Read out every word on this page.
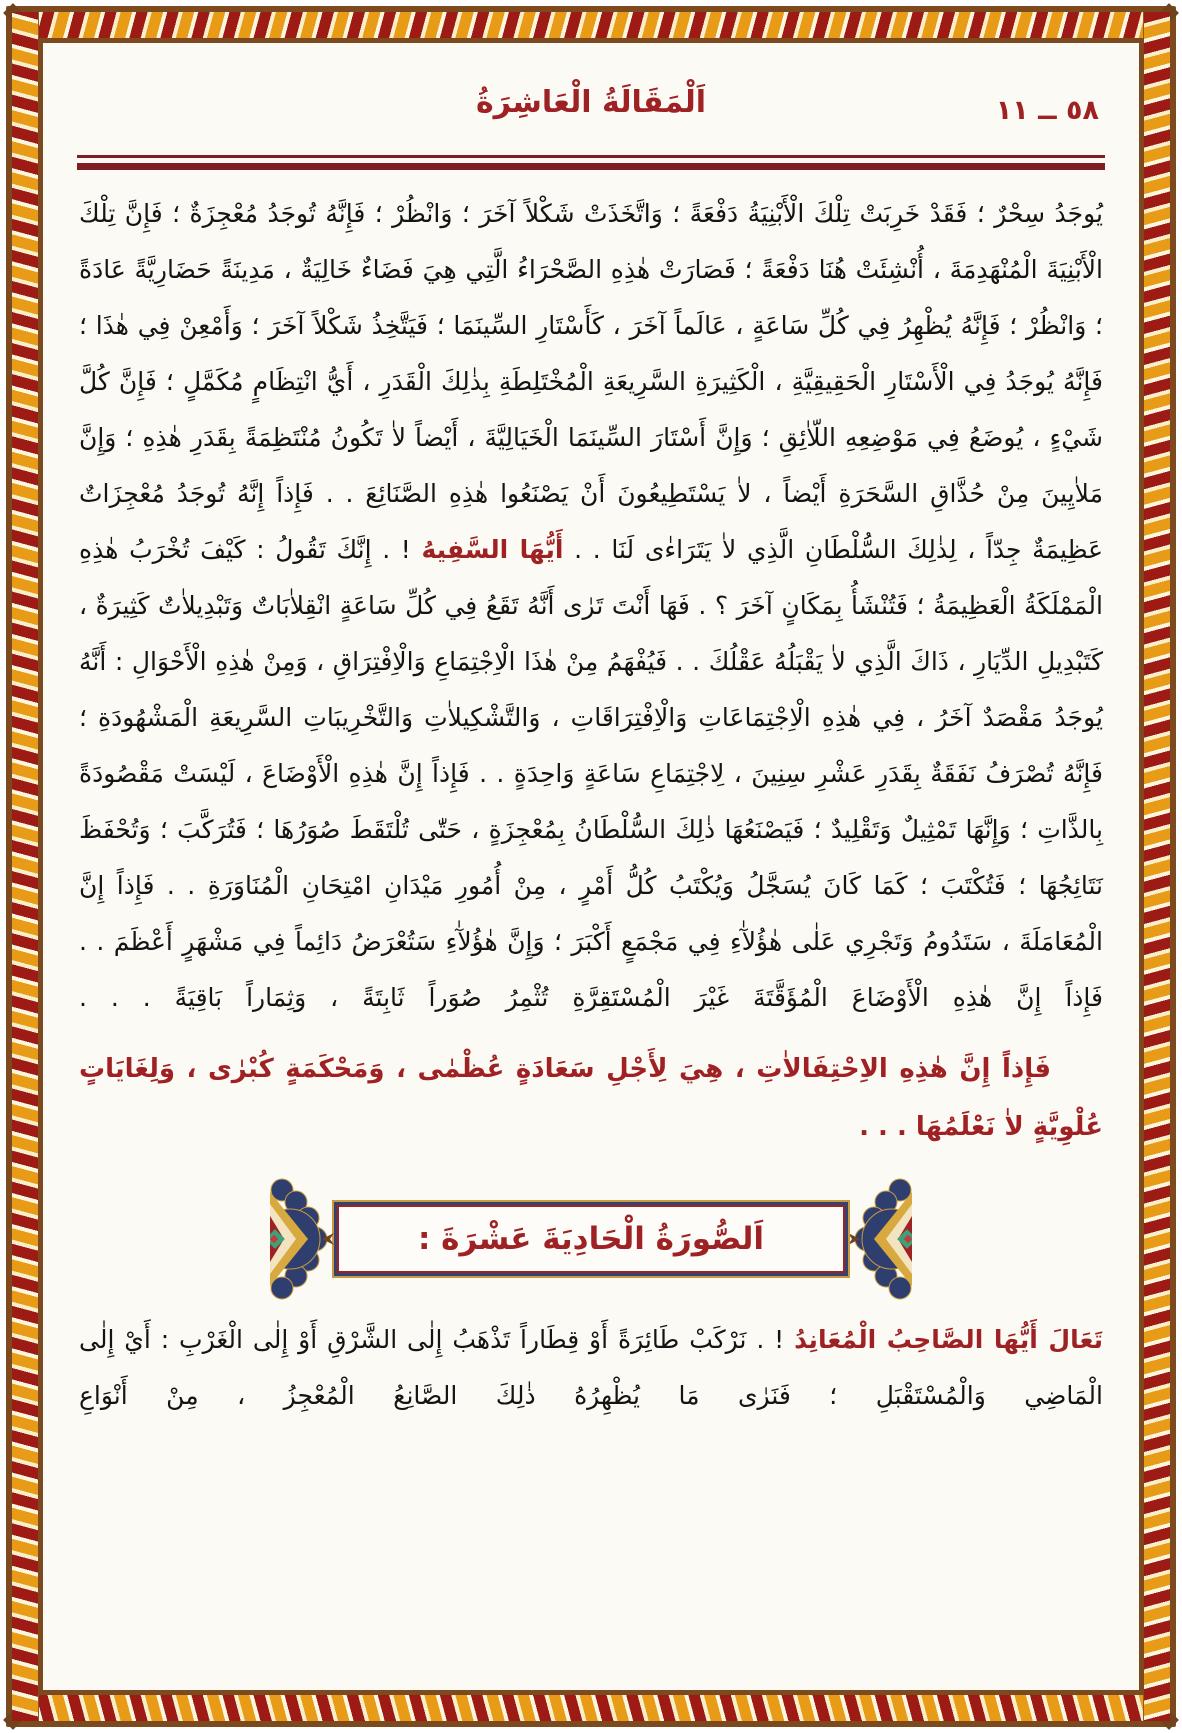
٥٨ ــ ١١
اَلْمَقَالَةُ الْعَاشِرَةُ

يُوجَدُ سِحْرٌ ؛ فَقَدْ خَرِبَتْ تِلْكَ الْأَبْنِيَةُ دَفْعَةً ؛ وَاتَّخَذَتْ شَكْلاً آخَرَ ؛ وَانْظُرْ ؛ فَإِنَّهُ تُوجَدُ مُعْجِزَةٌ ؛ فَإِنَّ تِلْكَ الْأَبْنِيَةَ الْمُنْهَدِمَةَ ، أُنْشِئَتْ هُنَا دَفْعَةً ؛ فَصَارَتْ هٰذِهِ الصَّحْرَاءُ الَّتِي هِيَ فَضَاءٌ خَالِيَةٌ ، مَدِينَةً حَضَارِيَّةً عَادَةً ؛ وَانْظُرْ ؛ فَإِنَّهُ يُظْهِرُ فِي كُلِّ سَاعَةٍ ، عَالَماً آخَرَ ، كَأَسْتَارِ السِّينَمَا ؛ فَيَتَّخِذُ شَكْلاً آخَرَ ؛ وَأَمْعِنْ فِي هٰذَا ؛ فَإِنَّهُ يُوجَدُ فِي الْأَسْتَارِ الْحَقِيقِيَّةِ ، الْكَثِيرَةِ السَّرِيعَةِ الْمُخْتَلِطَةِ بِذٰلِكَ الْقَدَرِ ، أَيُّ انْتِظَامٍ مُكَمَّلٍ ؛ فَإِنَّ كُلَّ شَيْءٍ ، يُوضَعُ فِي مَوْضِعِهِ اللّاٰئِقِ ؛ وَإِنَّ أَسْتَارَ السِّينَمَا الْخَيَالِيَّةَ ، أَيْضاً لاٰ تَكُونُ مُنْتَظِمَةً بِقَدَرِ هٰذِهِ ؛ وَإِنَّ مَلاٰيِينَ مِنْ حُذَّاقِ السَّحَرَةِ أَيْضاً ، لاٰ يَسْتَطِيعُونَ أَنْ يَصْنَعُوا هٰذِهِ الصَّنَائِعَ . . فَإِذاً إِنَّهُ تُوجَدُ مُعْجِزَاتٌ عَظِيمَةٌ جِدّاً ، لِذٰلِكَ السُّلْطَانِ الَّذِي لاٰ يَتَرَاءٰى لَنَا . . أَيُّهَا السَّفِيهُ ! . إِنَّكَ تَقُولُ : كَيْفَ تُخْرَبُ هٰذِهِ الْمَمْلَكَةُ الْعَظِيمَةُ ؛ فَتُنْشَأُ بِمَكَانٍ آخَرَ ؟ . فَهَا أَنْتَ تَرٰى أَنَّهُ تَقَعُ فِي كُلِّ سَاعَةٍ انْقِلاٰبَاتٌ وَتَبْدِيلاٰتٌ كَثِيرَةٌ ، كَتَبْدِيلِ الدِّيَارِ ، ذَاكَ الَّذِي لاٰ يَقْبَلُهُ عَقْلُكَ . . فَيُفْهَمُ مِنْ هٰذَا الْاِجْتِمَاعِ وَالْاِفْتِرَاقِ ، وَمِنْ هٰذِهِ الْأَحْوَالِ : أَنَّهُ يُوجَدُ مَقْصَدٌ آخَرُ ، فِي هٰذِهِ الْاِجْتِمَاعَاتِ وَالْاِفْتِرَاقَاتِ ، وَالتَّشْكِيلاٰتِ وَالتَّخْرِيبَاتِ السَّرِيعَةِ الْمَشْهُودَةِ ؛ فَإِنَّهُ تُصْرَفُ نَفَقَةٌ بِقَدَرِ عَشْرِ سِنِينَ ، لِاجْتِمَاعِ سَاعَةٍ وَاحِدَةٍ . . فَإِذاً إِنَّ هٰذِهِ الْأَوْضَاعَ ، لَيْسَتْ مَقْصُودَةً بِالذَّاتِ ؛ وَإِنَّهَا تَمْثِيلٌ وَتَقْلِيدٌ ؛ فَيَصْنَعُهَا ذٰلِكَ السُّلْطَانُ بِمُعْجِزَةٍ ، حَتّٰى تُلْتَقَطَ صُوَرُهَا ؛ فَتُرَكَّبَ ؛ وَتُحْفَظَ نَتَائِجُهَا ؛ فَتُكْتَبَ ؛ كَمَا كَانَ يُسَجَّلُ وَيُكْتَبُ كُلُّ أَمْرٍ ، مِنْ أُمُورِ مَيْدَانِ امْتِحَانِ الْمُنَاوَرَةِ . . فَإِذاً إِنَّ الْمُعَامَلَةَ ، سَتَدُومُ وَتَجْرِي عَلٰى هٰؤُلآٰءِ فِي مَجْمَعٍ أَكْبَرَ ؛ وَإِنَّ هٰؤُلآٰءِ سَتُعْرَضُ دَائِماً فِي مَشْهَرٍ أَعْظَمَ . . فَإِذاً إِنَّ هٰذِهِ الْأَوْضَاعَ الْمُؤَقَّتَةَ غَيْرَ الْمُسْتَقِرَّةِ تُثْمِرُ صُوَراً ثَابِتَةً ، وَثِمَاراً بَاقِيَةً . . .

فَإِذاً إِنَّ هٰذِهِ الاِحْتِفَالاٰتِ ، هِيَ لِأَجْلِ سَعَادَةٍ عُظْمٰى ، وَمَحْكَمَةٍ كُبْرٰى ، وَلِغَايَاتٍ عُلْوِيَّةٍ لاٰ نَعْلَمُهَا . . .

اَلصُّورَةُ الْحَادِيَةَ عَشْرَةَ :

تَعَالَ أَيُّهَا الصَّاحِبُ الْمُعَانِدُ ! . نَرْكَبْ طَائِرَةً أَوْ قِطَاراً تَذْهَبُ إِلٰى الشَّرْقِ أَوْ إِلٰى الْغَرْبِ : أَيْ إِلٰى الْمَاضِي وَالْمُسْتَقْبَلِ ؛ فَنَرٰى مَا يُظْهِرُهُ ذٰلِكَ الصَّانِعُ الْمُعْجِزُ ، مِنْ أَنْوَاعِ
